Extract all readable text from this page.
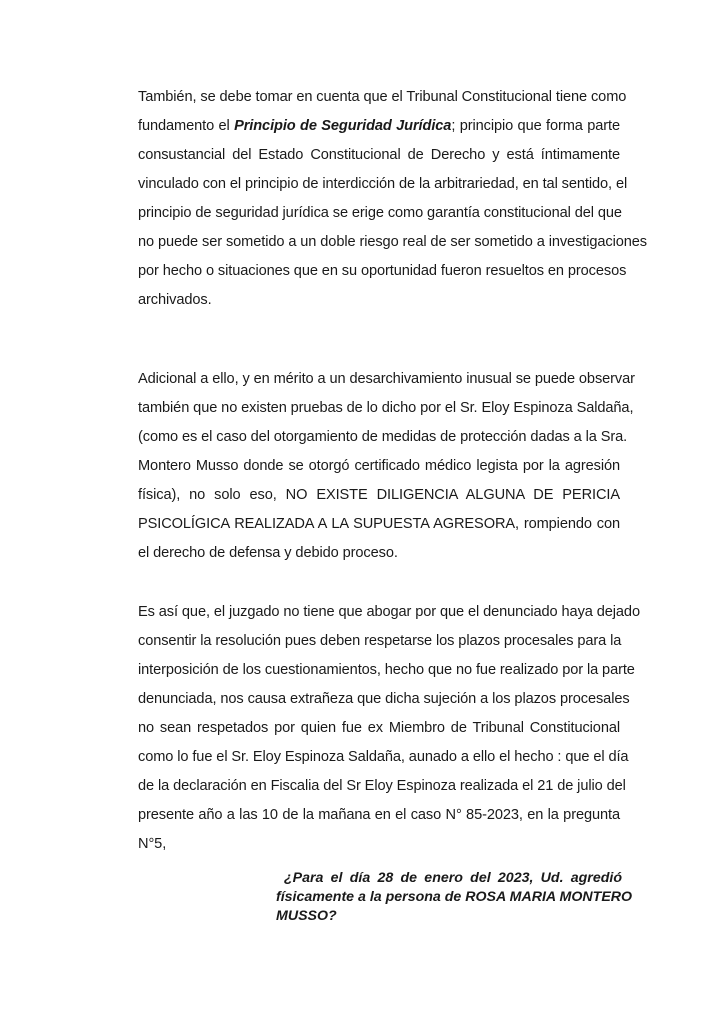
También, se debe tomar en cuenta que el Tribunal Constitucional tiene como
fundamento el Principio de Seguridad Jurídica; principio que forma parte
consustancial del Estado Constitucional de Derecho y está íntimamente
vinculado con el principio de interdicción de la arbitrariedad, en tal sentido, el
principio de seguridad jurídica se erige como garantía constitucional del que
no puede ser sometido a un doble riesgo real de ser sometido a investigaciones
por hecho o situaciones que en su oportunidad fueron resueltos en procesos
archivados.
Adicional a ello, y en mérito a un desarchivamiento inusual se puede observar
también que no existen pruebas de lo dicho por el Sr. Eloy Espinoza Saldaña,
(como es el caso del otorgamiento de medidas de protección dadas a la Sra.
Montero Musso donde se otorgó certificado médico legista por la agresión
física), no solo eso, NO EXISTE DILIGENCIA ALGUNA DE PERICIA
PSICOLÍGICA REALIZADA A LA SUPUESTA AGRESORA, rompiendo con
el derecho de defensa y debido proceso.
Es así que, el juzgado no tiene que abogar por que el denunciado haya dejado
consentir la resolución pues deben respetarse los plazos procesales para la
interposición de los cuestionamientos, hecho que no fue realizado por la parte
denunciada, nos causa extrañeza que dicha sujeción a los plazos procesales
no sean respetados por quien fue ex Miembro de Tribunal Constitucional
como lo fue el Sr. Eloy Espinoza Saldaña, aunado a ello el hecho : que el día
de la declaración en Fiscalia del Sr Eloy Espinoza realizada el 21 de julio del
presente año a las 10 de la mañana en el caso N° 85-2023, en la pregunta
N°5,
¿Para el día 28 de enero del 2023, Ud. agredió
físicamente a la persona de ROSA MARIA MONTERO
MUSSO?
